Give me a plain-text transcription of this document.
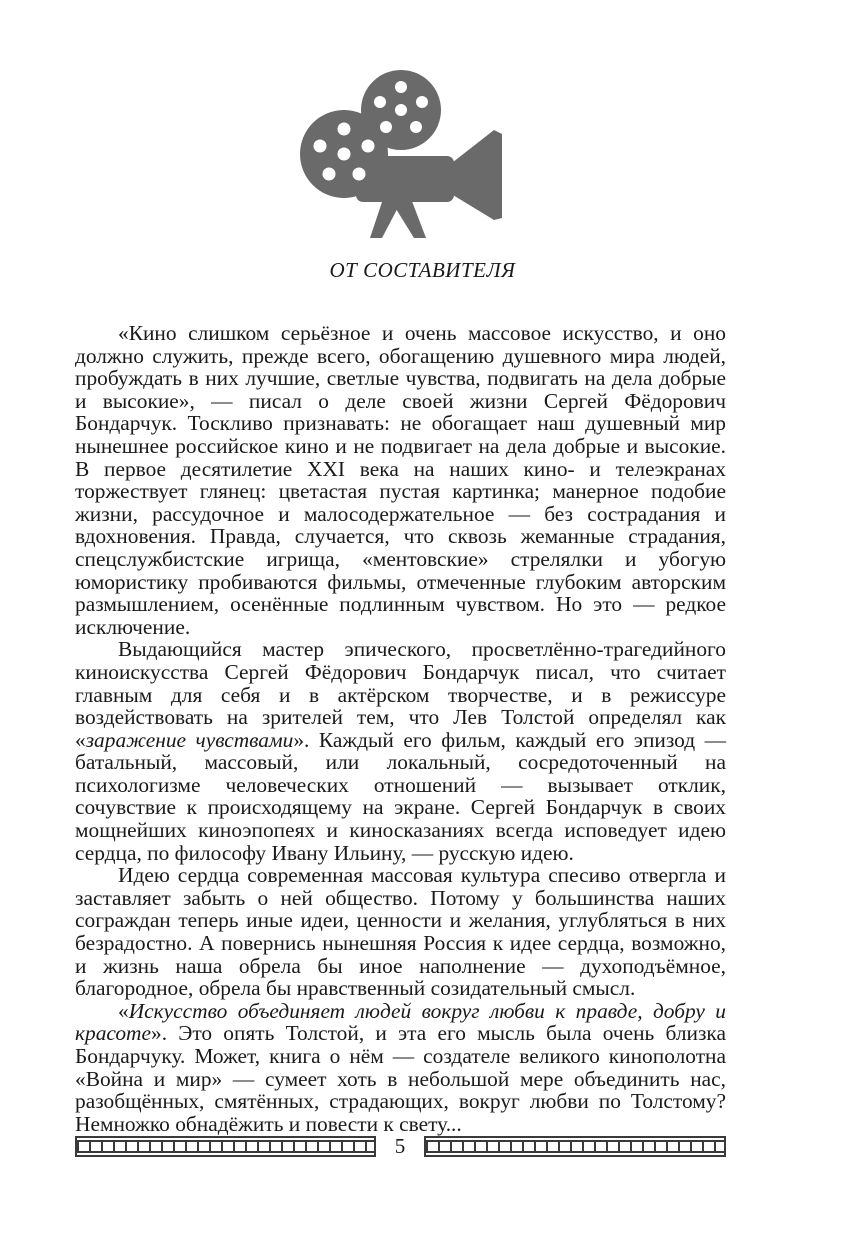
ОТ СОСТАВИТЕЛЯ

«Кино слишком серьёзное и очень массовое искусство, и оно должно служить, прежде всего, обогащению душевного мира людей, пробуждать в них лучшие, светлые чувства, подвигать на дела добрые и высокие», — писал о деле своей жизни Сергей Фёдорович Бондарчук. Тоскливо признавать: не обогащает наш душевный мир нынешнее российское кино и не подвигает на дела добрые и высокие. В первое десятилетие XXI века на наших кино- и телеэкранах торжествует глянец: цветастая пустая картинка; манерное подобие жизни, рассудочное и малосодержательное — без сострадания и вдохновения. Правда, случается, что сквозь жеманные страдания, спецслужбистские игрища, «ментовские» стрелялки и убогую юмористику пробиваются фильмы, отмеченные глубоким авторским размышлением, осенённые подлинным чувством. Но это — редкое исключение.

Выдающийся мастер эпического, просветлённо-трагедийного киноискусства Сергей Фёдорович Бондарчук писал, что считает главным для себя и в актёрском творчестве, и в режиссуре воздействовать на зрителей тем, что Лев Толстой определял как «заражение чувствами». Каждый его фильм, каждый его эпизод — батальный, массовый, или локальный, сосредоточенный на психологизме человеческих отношений — вызывает отклик, сочувствие к происходящему на экране. Сергей Бондарчук в своих мощнейших киноэпопеях и киносказаниях всегда исповедует идею сердца, по философу Ивану Ильину, — русскую идею.

Идею сердца современная массовая культура спесиво отвергла и заставляет забыть о ней общество. Потому у большинства наших сограждан теперь иные идеи, ценности и желания, углубляться в них безрадостно. А повернись нынешняя Россия к идее сердца, возможно, и жизнь наша обрела бы иное наполнение — духоподъёмное, благородное, обрела бы нравственный созидательный смысл.

«Искусство объединяет людей вокруг любви к правде, добру и красоте». Это опять Толстой, и эта его мысль была очень близка Бондарчуку. Может, книга о нём — создателе великого кинополотна «Война и мир» — сумеет хоть в небольшой мере объединить нас, разобщённых, смятённых, страдающих, вокруг любви по Толстому? Немножко обнадёжить и повести к свету...

5
